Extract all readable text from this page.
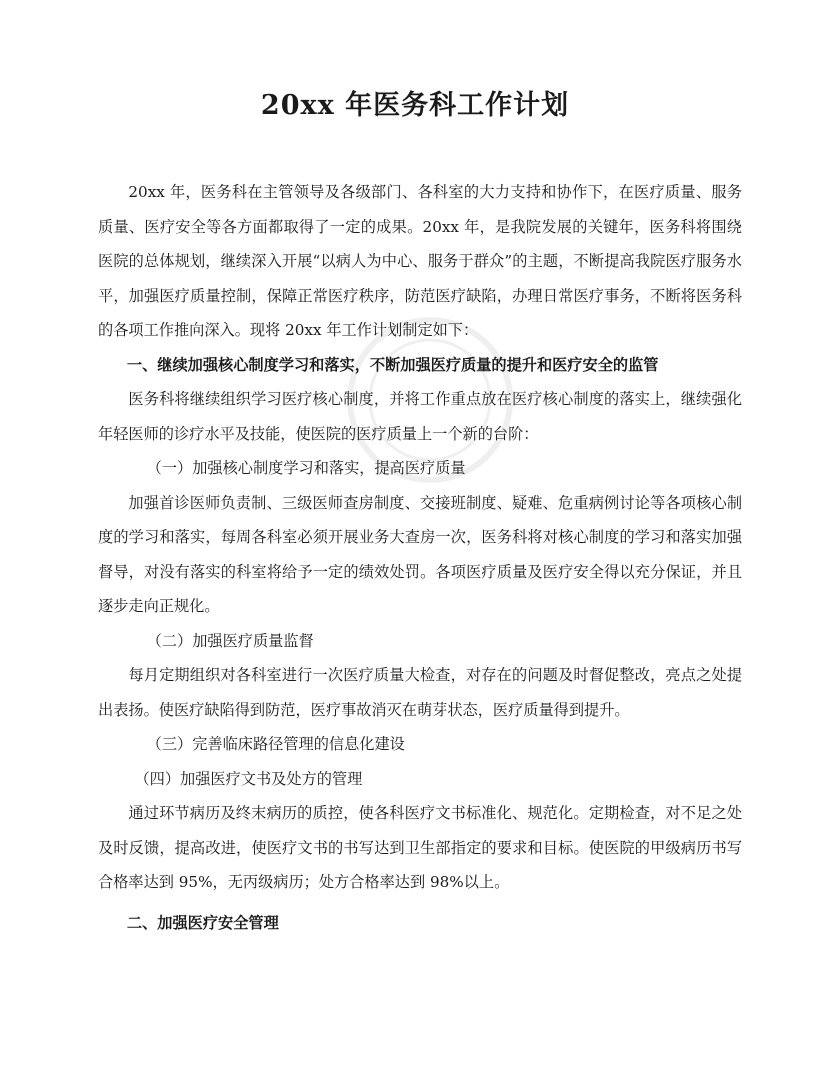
20xx 年医务科工作计划

20xx 年，医务科在主管领导及各级部门、各科室的大力支持和协作下，在医疗质量、服务质量、医疗安全等各方面都取得了一定的成果。20xx 年，是我院发展的关键年，医务科将围绕医院的总体规划，继续深入开展“以病人为中心、服务于群众”的主题，不断提高我院医疗服务水平，加强医疗质量控制，保障正常医疗秩序，防范医疗缺陷，办理日常医疗事务，不断将医务科的各项工作推向深入。现将 20xx 年工作计划制定如下：

一、继续加强核心制度学习和落实，不断加强医疗质量的提升和医疗安全的监管

医务科将继续组织学习医疗核心制度，并将工作重点放在医疗核心制度的落实上，继续强化年轻医师的诊疗水平及技能，使医院的医疗质量上一个新的台阶：

（一）加强核心制度学习和落实，提高医疗质量

加强首诊医师负责制、三级医师查房制度、交接班制度、疑难、危重病例讨论等各项核心制度的学习和落实，每周各科室必须开展业务大查房一次，医务科将对核心制度的学习和落实加强督导，对没有落实的科室将给予一定的绩效处罚。各项医疗质量及医疗安全得以充分保证，并且逐步走向正规化。

（二）加强医疗质量监督

每月定期组织对各科室进行一次医疗质量大检查，对存在的问题及时督促整改，亮点之处提出表扬。使医疗缺陷得到防范，医疗事故消灭在萌芽状态，医疗质量得到提升。

（三）完善临床路径管理的信息化建设

（四）加强医疗文书及处方的管理

通过环节病历及终末病历的质控，使各科医疗文书标准化、规范化。定期检查，对不足之处及时反馈，提高改进，使医疗文书的书写达到卫生部指定的要求和目标。使医院的甲级病历书写合格率达到 95%，无丙级病历；处方合格率达到 98%以上。

二、加强医疗安全管理
